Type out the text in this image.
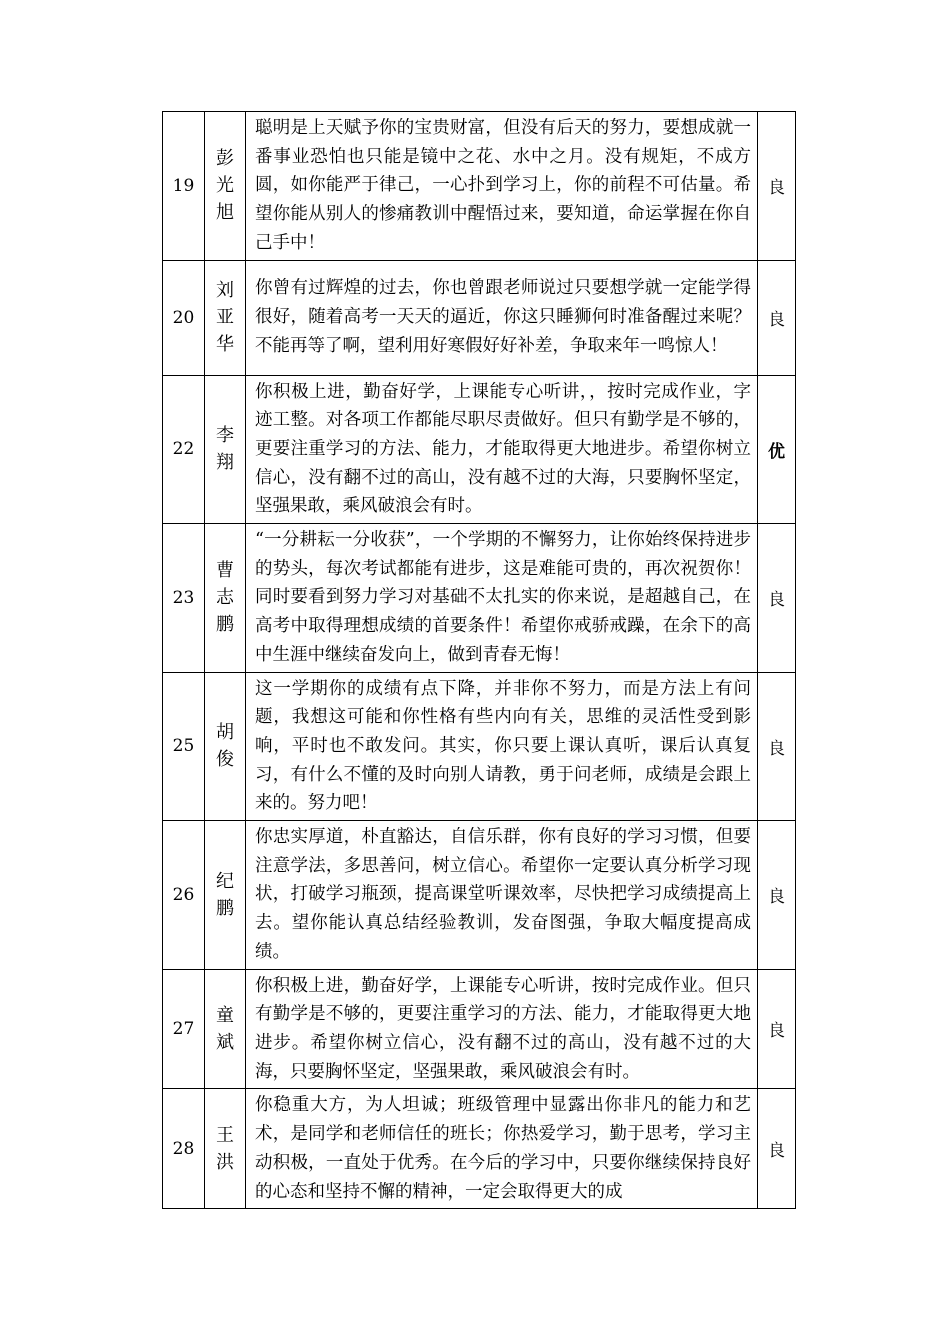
19	彭光旭	聪明是上天赋予你的宝贵财富，但没有后天的努力，要想成就一番事业恐怕也只能是镜中之花、水中之月。没有规矩，不成方圆，如你能严于律己，一心扑到学习上，你的前程不可估量。希望你能从别人的惨痛教训中醒悟过来，要知道，命运掌握在你自己手中！	良
20	刘亚华	你曾有过辉煌的过去，你也曾跟老师说过只要想学就一定能学得很好，随着高考一天天的逼近，你这只睡狮何时准备醒过来呢？不能再等了啊，望利用好寒假好好补差，争取来年一鸣惊人！	良
22	李翔	你积极上进，勤奋好学，上课能专心听讲，，按时完成作业，字迹工整。对各项工作都能尽职尽责做好。但只有勤学是不够的，更要注重学习的方法、能力，才能取得更大地进步。希望你树立信心，没有翻不过的高山，没有越不过的大海，只要胸怀坚定，坚强果敢，乘风破浪会有时。	优
23	曹志鹏	“一分耕耘一分收获”，一个学期的不懈努力，让你始终保持进步的势头，每次考试都能有进步，这是难能可贵的，再次祝贺你！同时要看到努力学习对基础不太扎实的你来说，是超越自己，在高考中取得理想成绩的首要条件！希望你戒骄戒躁，在余下的高中生涯中继续奋发向上，做到青春无悔！	良
25	胡俊	这一学期你的成绩有点下降，并非你不努力，而是方法上有问题，我想这可能和你性格有些内向有关，思维的灵活性受到影响，平时也不敢发问。其实，你只要上课认真听，课后认真复习，有什么不懂的及时向别人请教，勇于问老师，成绩是会跟上来的。努力吧！	良
26	纪鹏	你忠实厚道，朴直豁达，自信乐群，你有良好的学习习惯，但要注意学法，多思善问，树立信心。希望你一定要认真分析学习现状，打破学习瓶颈，提高课堂听课效率，尽快把学习成绩提高上去。望你能认真总结经验教训，发奋图强，争取大幅度提高成绩。	良
27	童斌	你积极上进，勤奋好学，上课能专心听讲，按时完成作业。但只有勤学是不够的，更要注重学习的方法、能力，才能取得更大地进步。希望你树立信心，没有翻不过的高山，没有越不过的大海，只要胸怀坚定，坚强果敢，乘风破浪会有时。	良
28	王洪	你稳重大方，为人坦诚；班级管理中显露出你非凡的能力和艺术，是同学和老师信任的班长；你热爱学习，勤于思考，学习主动积极，一直处于优秀。在今后的学习中，只要你继续保持良好的心态和坚持不懈的精神，一定会取得更大的成	良
